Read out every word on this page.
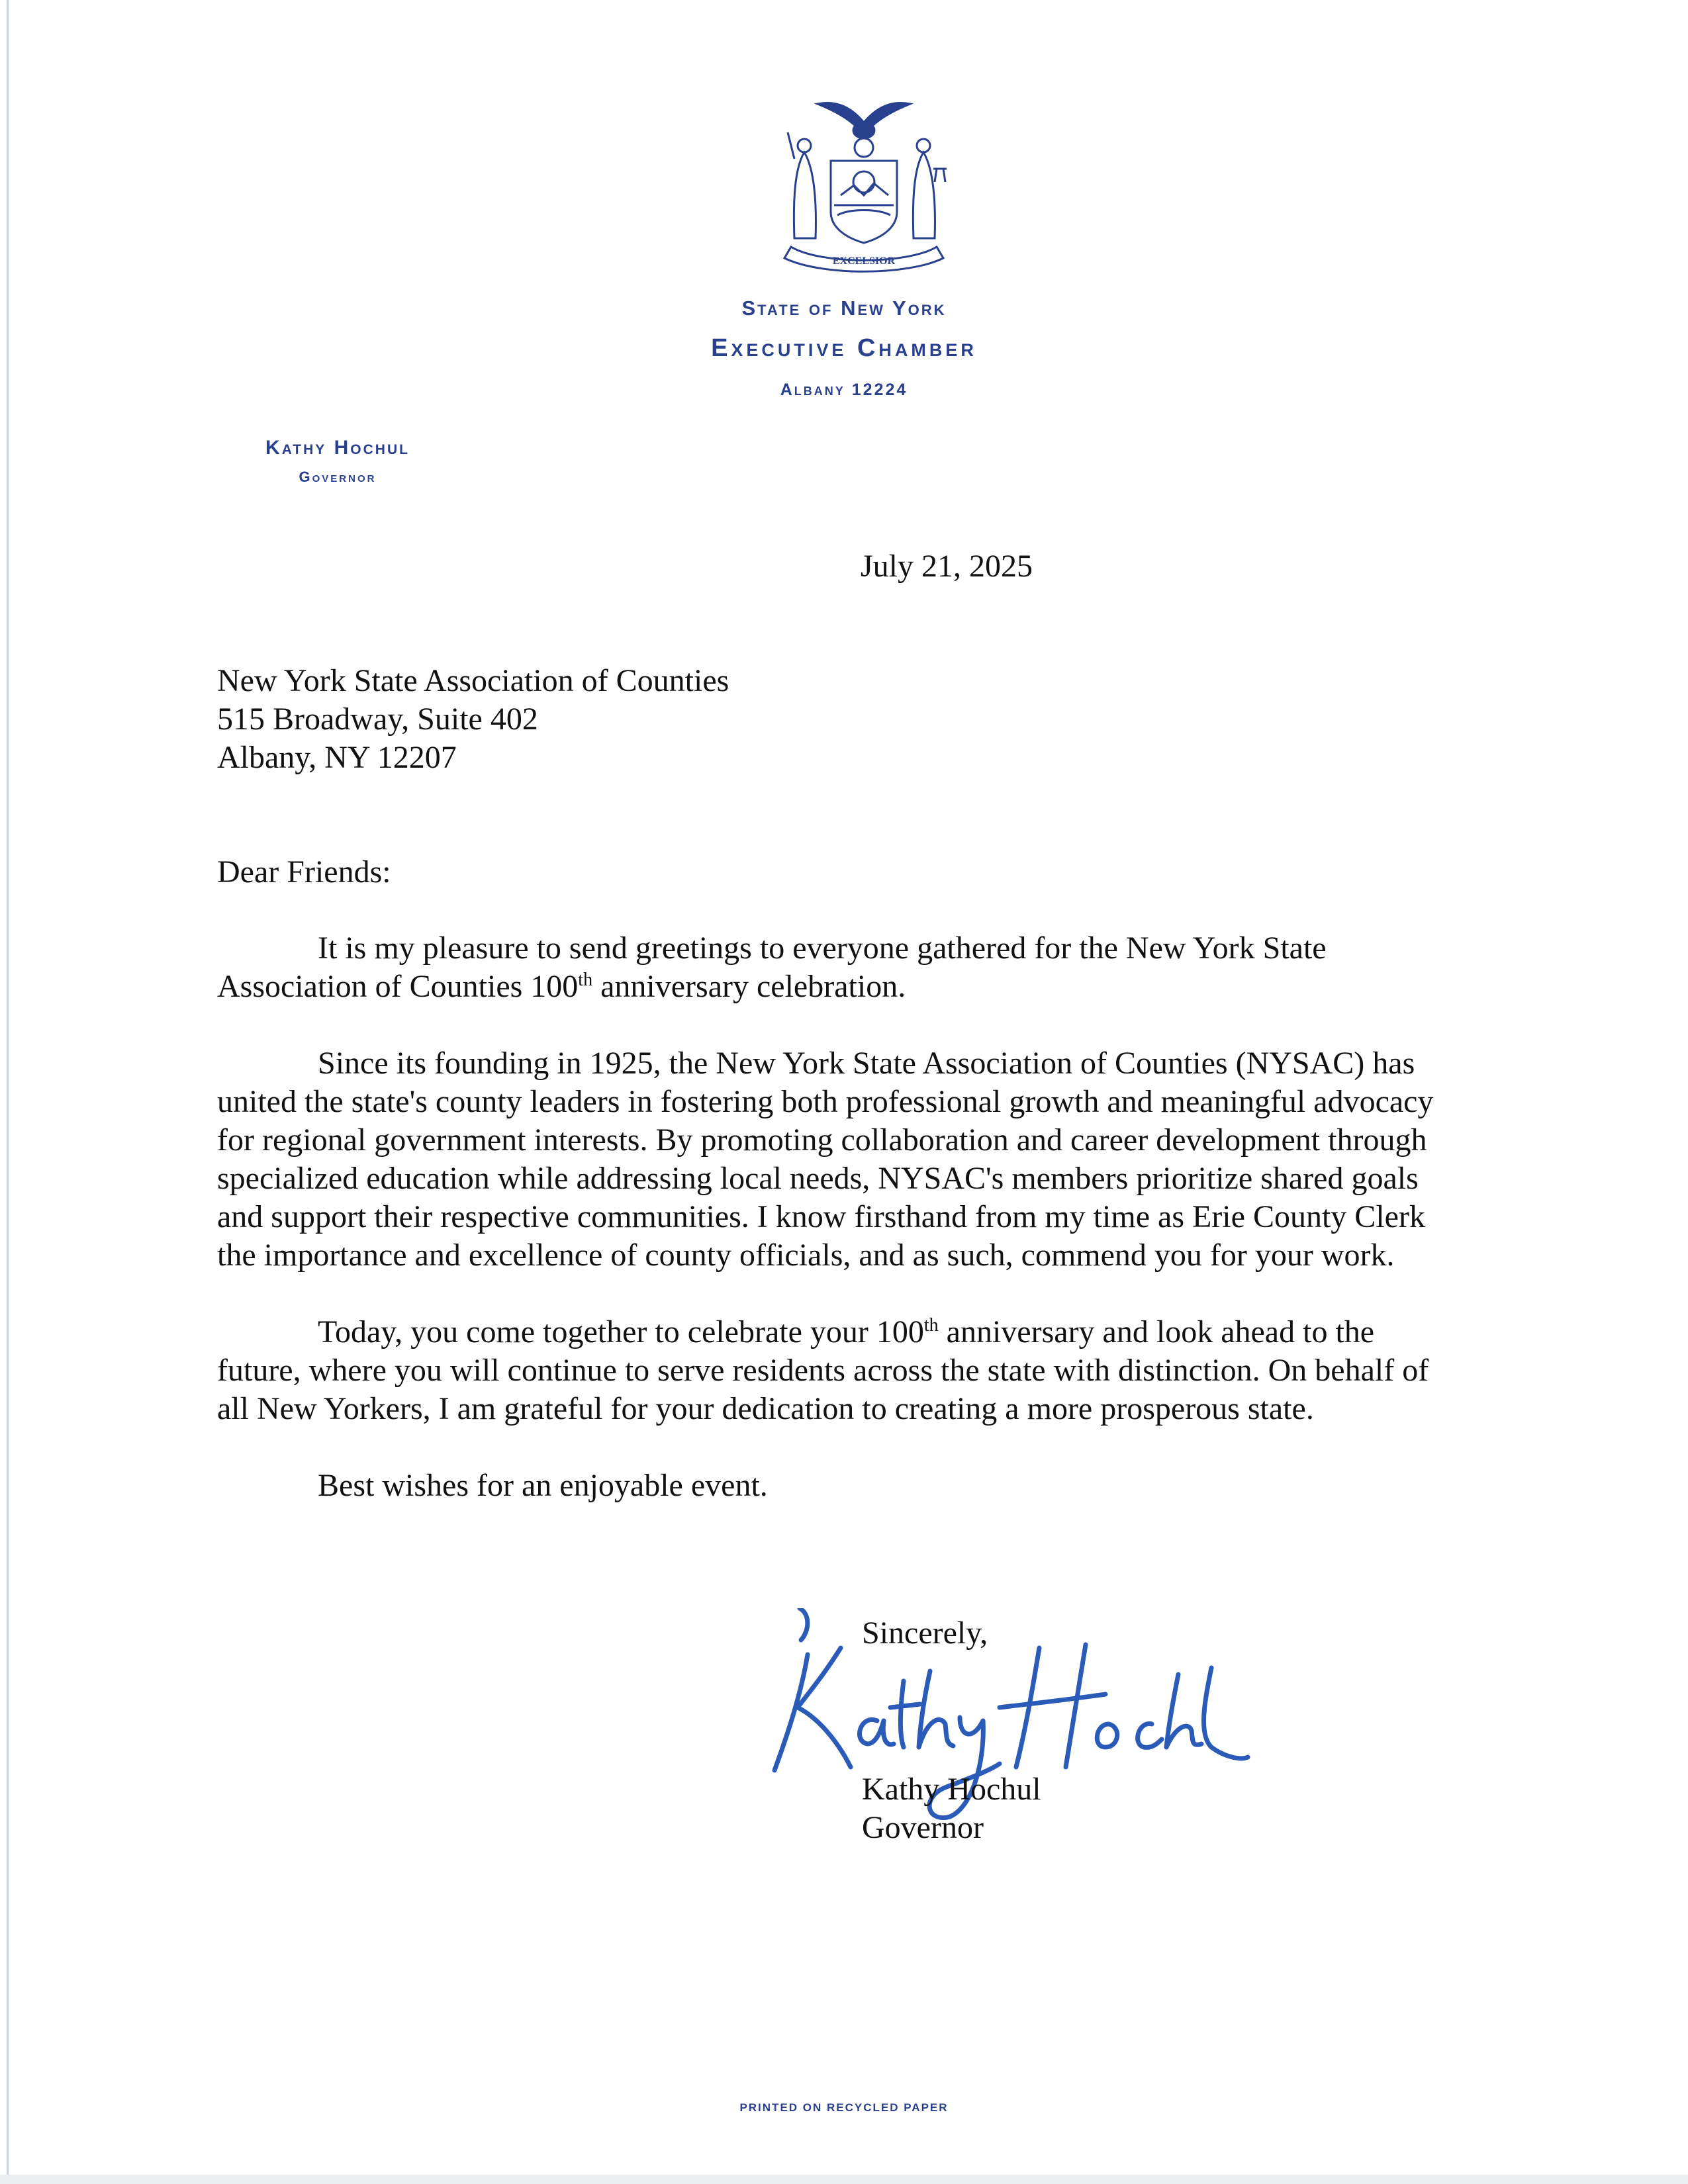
EXCELSIOR
State of New York
Executive Chamber
Albany 12224
Kathy Hochul
Governor
July 21, 2025
New York State Association of Counties
515 Broadway, Suite 402
Albany, NY 12207
Dear Friends:

It is my pleasure to send greetings to everyone gathered for the New York State
Association of Counties 100th anniversary celebration.

Since its founding in 1925, the New York State Association of Counties (NYSAC) has
united the state's county leaders in fostering both professional growth and meaningful advocacy
for regional government interests. By promoting collaboration and career development through
specialized education while addressing local needs, NYSAC's members prioritize shared goals
and support their respective communities. I know firsthand from my time as Erie County Clerk
the importance and excellence of county officials, and as such, commend you for your work.

Today, you come together to celebrate your 100th anniversary and look ahead to the
future, where you will continue to serve residents across the state with distinction. On behalf of
all New Yorkers, I am grateful for your dedication to creating a more prosperous state.

Best wishes for an enjoyable event.

Sincerely,
Kathy Hochul
Governor
PRINTED ON RECYCLED PAPER
